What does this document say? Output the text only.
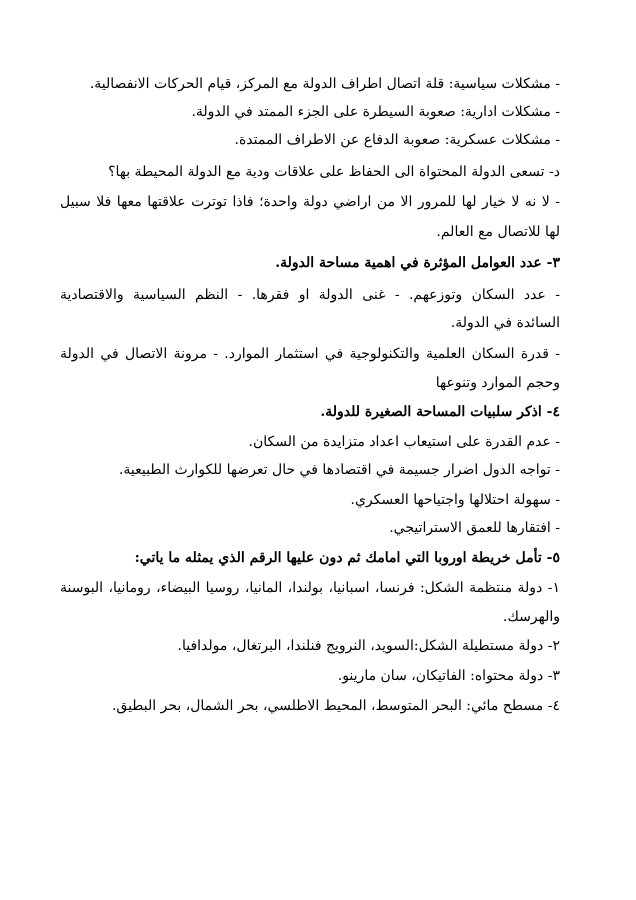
- مشكلات سياسية: قلة اتصال اطراف الدولة مع المركز، قيام الحركات الانفصالية.
- مشكلات ادارية: صعوبة السيطرة على الجزء الممتد في الدولة.
- مشكلات عسكرية: صعوبة الدفاع عن الاطراف الممتدة.
د- تسعى الدولة المحتواة الى الحفاظ على علاقات ودية مع الدولة المحيطة بها؟
- لا نه لا خيار لها للمرور الا من اراضي دولة واحدة؛ فاذا توترت علاقتها معها فلا سبيل
لها للاتصال مع العالم.
٣- عدد العوامل المؤثرة في اهمية مساحة الدولة.
- عدد السكان وتوزعهم. - غنى الدولة او فقرها. - النظم السياسية والاقتصادية
السائدة في الدولة.
- قدرة السكان العلمية والتكنولوجية في استثمار الموارد. - مرونة الاتصال في الدولة
وحجم الموارد وتنوعها
٤- اذكر سلبيات المساحة الصغيرة للدولة.
- عدم القدرة على استيعاب اعداد متزايدة من السكان.
- تواجه الدول اضرار جسيمة في اقتصادها في حال تعرضها للكوارث الطبيعية.
- سهولة احتلالها واجتياحها العسكري.
- افتقارها للعمق الاستراتيجي.
٥- تأمل خريطة اوروبا التي امامك ثم دون عليها الرقم الذي يمثله ما ياتي:
١- دولة منتظمة الشكل: فرنسا، اسبانيا، بولندا، المانيا، روسيا البيضاء، رومانيا، البوسنة
والهرسك.
٢- دولة مستطيلة الشكل:السويد، النرويج فنلندا، البرتغال، مولدافيا.
٣- دولة محتواه: الفاتيكان، سان مارينو.
٤- مسطح مائي: البحر المتوسط، المحيط الاطلسي، بحر الشمال، بحر البطيق.
